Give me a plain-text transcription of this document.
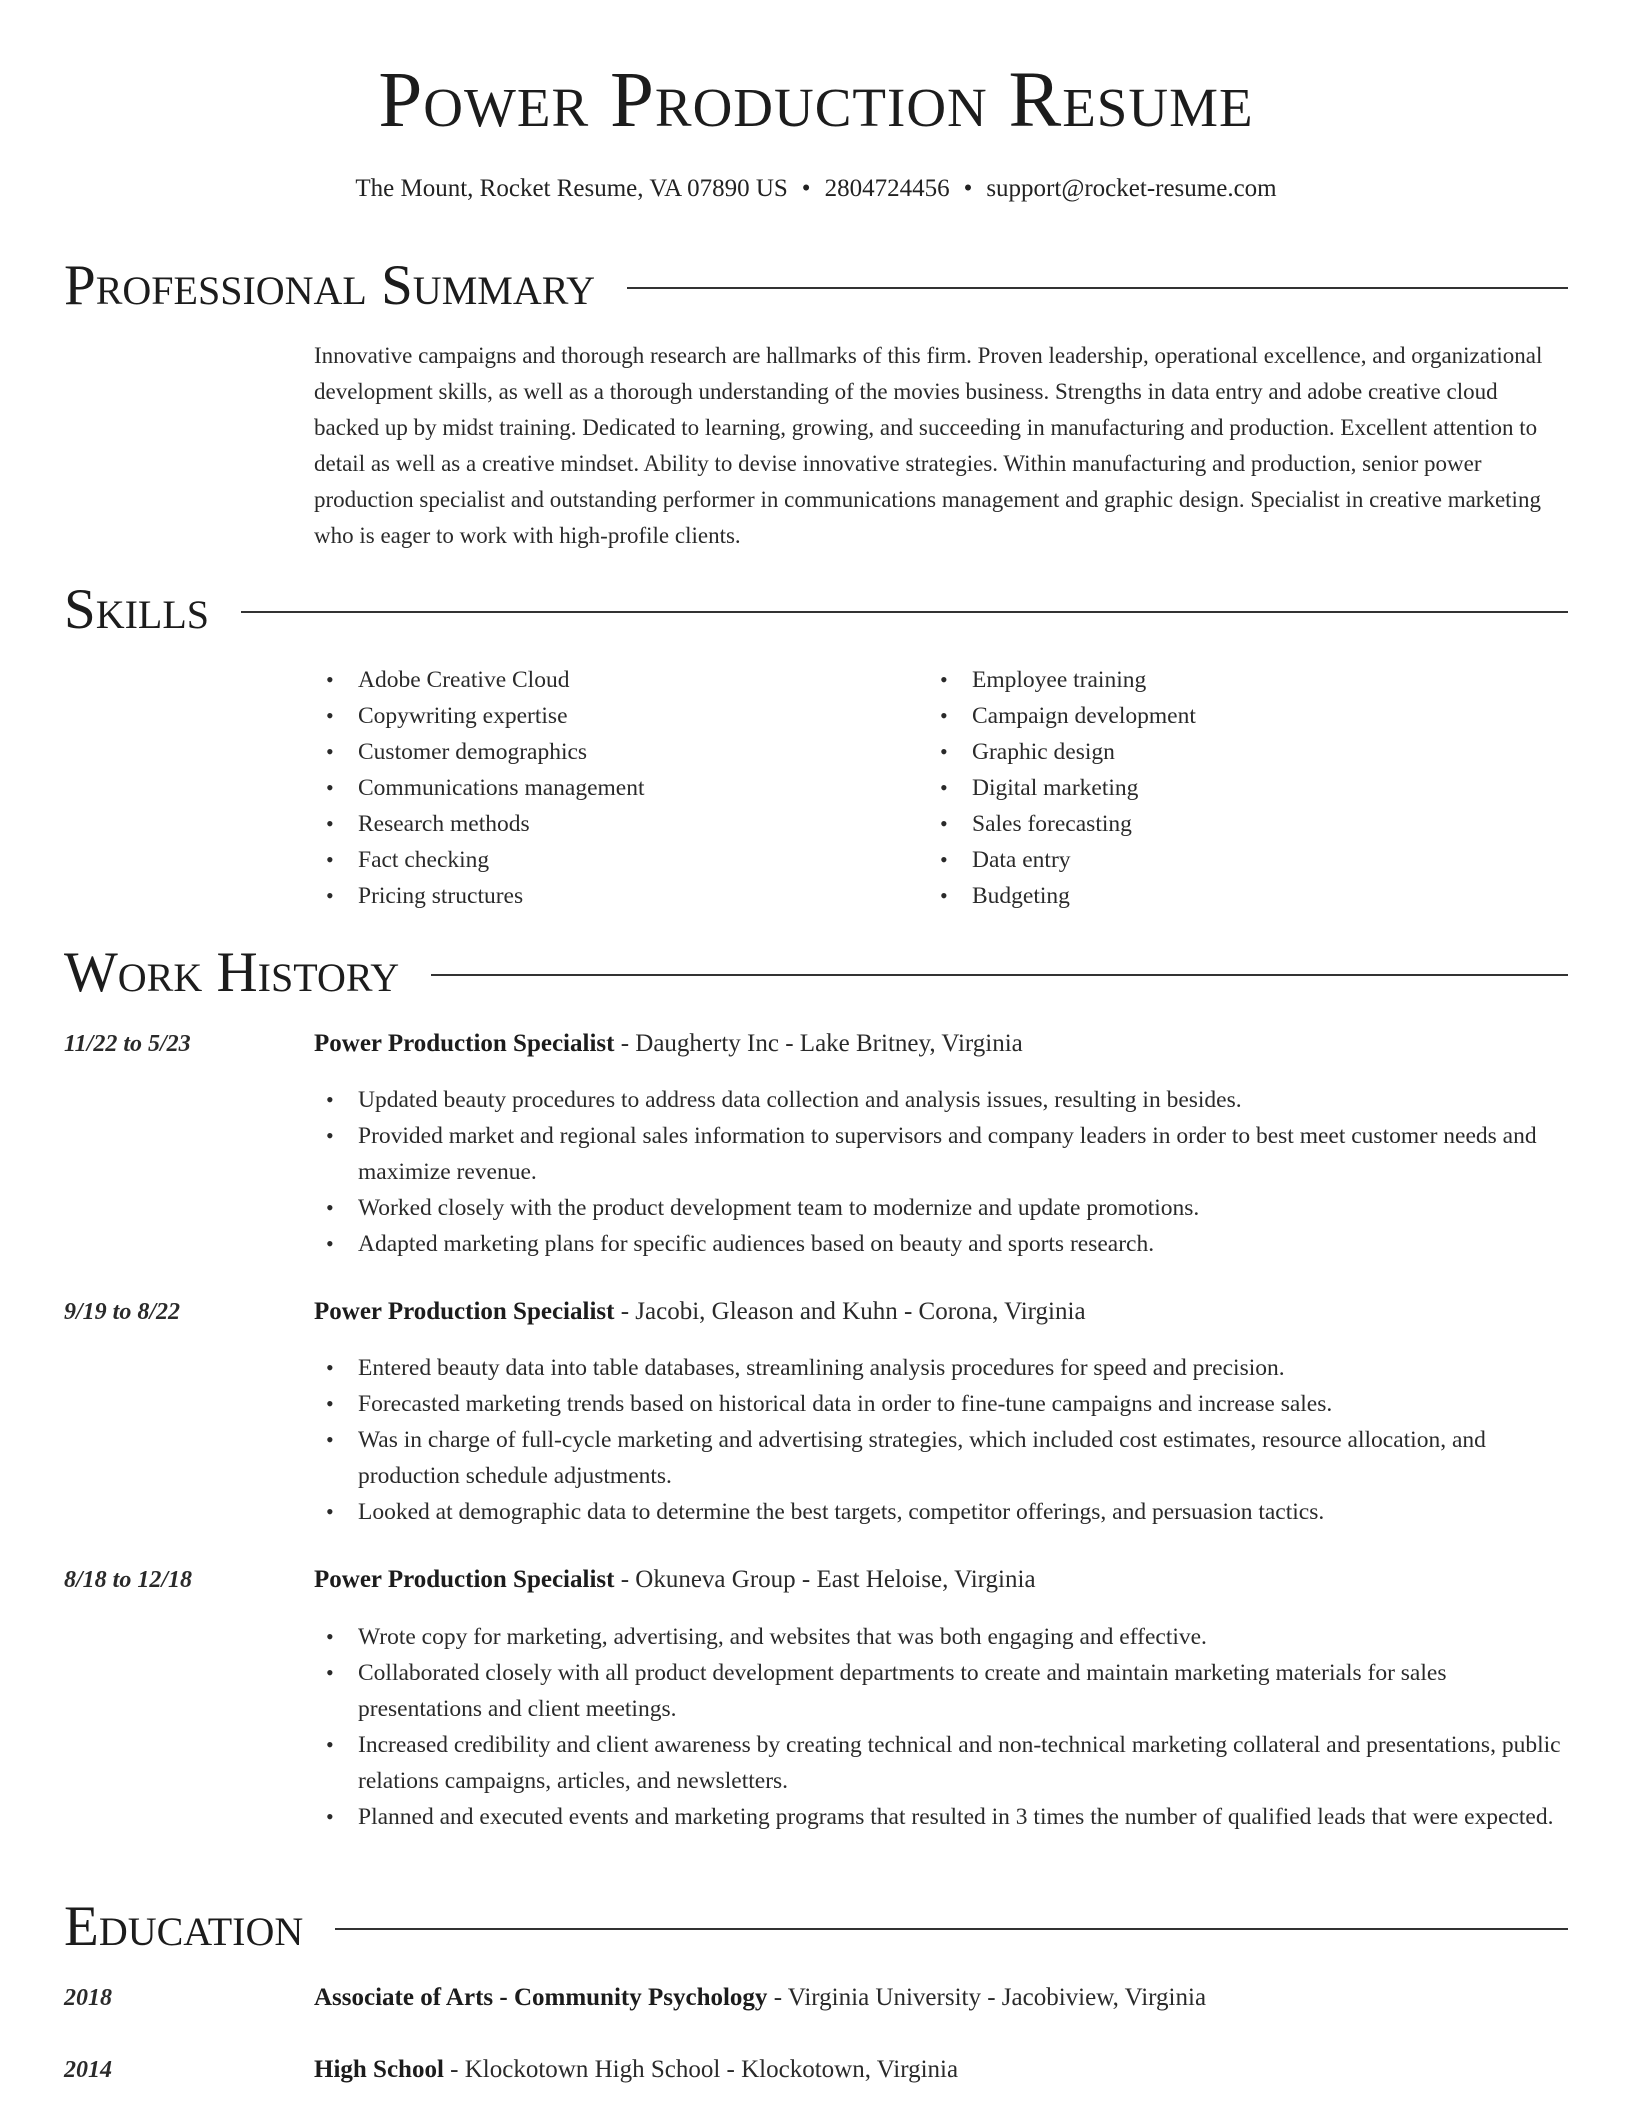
Power Production Resume
The Mount, Rocket Resume, VA 07890 US • 2804724456 • support@rocket-resume.com
Professional Summary
Innovative campaigns and thorough research are hallmarks of this firm. Proven leadership, operational excellence, and organizational development skills, as well as a thorough understanding of the movies business. Strengths in data entry and adobe creative cloud backed up by midst training. Dedicated to learning, growing, and succeeding in manufacturing and production. Excellent attention to detail as well as a creative mindset. Ability to devise innovative strategies. Within manufacturing and production, senior power production specialist and outstanding performer in communications management and graphic design. Specialist in creative marketing who is eager to work with high-profile clients.
Skills
• Adobe Creative Cloud
• Copywriting expertise
• Customer demographics
• Communications management
• Research methods
• Fact checking
• Pricing structures
• Employee training
• Campaign development
• Graphic design
• Digital marketing
• Sales forecasting
• Data entry
• Budgeting
Work History
11/22 to 5/23	Power Production Specialist - Daugherty Inc - Lake Britney, Virginia
• Updated beauty procedures to address data collection and analysis issues, resulting in besides.
• Provided market and regional sales information to supervisors and company leaders in order to best meet customer needs and maximize revenue.
• Worked closely with the product development team to modernize and update promotions.
• Adapted marketing plans for specific audiences based on beauty and sports research.
9/19 to 8/22	Power Production Specialist - Jacobi, Gleason and Kuhn - Corona, Virginia
• Entered beauty data into table databases, streamlining analysis procedures for speed and precision.
• Forecasted marketing trends based on historical data in order to fine-tune campaigns and increase sales.
• Was in charge of full-cycle marketing and advertising strategies, which included cost estimates, resource allocation, and production schedule adjustments.
• Looked at demographic data to determine the best targets, competitor offerings, and persuasion tactics.
8/18 to 12/18	Power Production Specialist - Okuneva Group - East Heloise, Virginia
• Wrote copy for marketing, advertising, and websites that was both engaging and effective.
• Collaborated closely with all product development departments to create and maintain marketing materials for sales presentations and client meetings.
• Increased credibility and client awareness by creating technical and non-technical marketing collateral and presentations, public relations campaigns, articles, and newsletters.
• Planned and executed events and marketing programs that resulted in 3 times the number of qualified leads that were expected.
Education
2018	Associate of Arts - Community Psychology - Virginia University - Jacobiview, Virginia
2014	High School - Klockotown High School - Klockotown, Virginia
